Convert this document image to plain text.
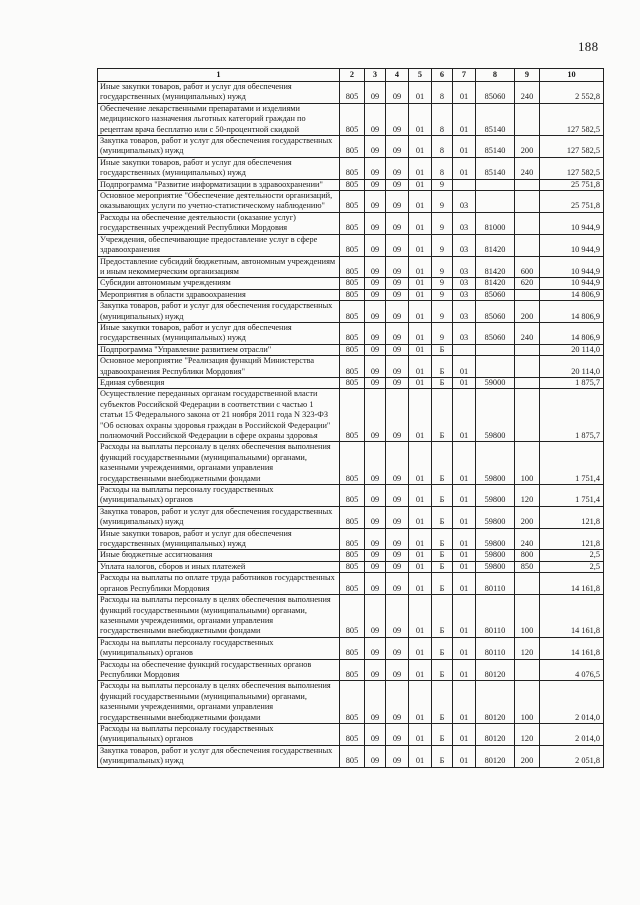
188
1	2	3	4	5	6	7	8	9	10
Иные закупки товаров, работ и услуг для обеспечения государственных (муниципальных) нужд	805	09	09	01	8	01	85060	240	2 552,8
Обеспечение лекарственными препаратами и изделиями медицинского назначения льготных категорий граждан по рецептам врача бесплатно или с 50-процентной скидкой	805	09	09	01	8	01	85140		127 582,5
Закупка товаров, работ и услуг для обеспечения государственных (муниципальных) нужд	805	09	09	01	8	01	85140	200	127 582,5
Иные закупки товаров, работ и услуг для обеспечения государственных (муниципальных) нужд	805	09	09	01	8	01	85140	240	127 582,5
Подпрограмма "Развитие информатизации в здравоохранении"	805	09	09	01	9				25 751,8
Основное мероприятие "Обеспечение деятельности организаций, оказывающих услуги по учетно-статистическому наблюдению"	805	09	09	01	9	03			25 751,8
Расходы на обеспечение деятельности (оказание услуг) государственных учреждений Республики Мордовия	805	09	09	01	9	03	81000		10 944,9
Учреждения, обеспечивающие предоставление услуг в сфере здравоохранения	805	09	09	01	9	03	81420		10 944,9
Предоставление субсидий бюджетным, автономным учреждениям и иным некоммерческим организациям	805	09	09	01	9	03	81420	600	10 944,9
Субсидии автономным учреждениям	805	09	09	01	9	03	81420	620	10 944,9
Мероприятия в области здравоохранения	805	09	09	01	9	03	85060		14 806,9
Закупка товаров, работ и услуг для обеспечения государственных (муниципальных) нужд	805	09	09	01	9	03	85060	200	14 806,9
Иные закупки товаров, работ и услуг для обеспечения государственных (муниципальных) нужд	805	09	09	01	9	03	85060	240	14 806,9
Подпрограмма "Управление развитием отрасли"	805	09	09	01	Б				20 114,0
Основное мероприятие "Реализация функций Министерства здравоохранения Республики Мордовия"	805	09	09	01	Б	01			20 114,0
Единая субвенция	805	09	09	01	Б	01	59000		1 875,7
Осуществление переданных органам государственной власти субъектов Российской Федерации в соответствии с частью 1 статьи 15 Федерального закона от 21 ноября 2011 года N 323-ФЗ "Об основах охраны здоровья граждан в Российской Федерации" полномочий Российской Федерации в сфере охраны здоровья	805	09	09	01	Б	01	59800		1 875,7
Расходы на выплаты персоналу в целях обеспечения выполнения функций государственными (муниципальными) органами, казенными учреждениями, органами управления государственными внебюджетными фондами	805	09	09	01	Б	01	59800	100	1 751,4
Расходы на выплаты персоналу государственных (муниципальных) органов	805	09	09	01	Б	01	59800	120	1 751,4
Закупка товаров, работ и услуг для обеспечения государственных (муниципальных) нужд	805	09	09	01	Б	01	59800	200	121,8
Иные закупки товаров, работ и услуг для обеспечения государственных (муниципальных) нужд	805	09	09	01	Б	01	59800	240	121,8
Иные бюджетные ассигнования	805	09	09	01	Б	01	59800	800	2,5
Уплата налогов, сборов и иных платежей	805	09	09	01	Б	01	59800	850	2,5
Расходы на выплаты по оплате труда работников государственных органов Республики Мордовия	805	09	09	01	Б	01	80110		14 161,8
Расходы на выплаты персоналу в целях обеспечения выполнения функций государственными (муниципальными) органами, казенными учреждениями, органами управления государственными внебюджетными фондами	805	09	09	01	Б	01	80110	100	14 161,8
Расходы на выплаты персоналу государственных (муниципальных) органов	805	09	09	01	Б	01	80110	120	14 161,8
Расходы на обеспечение функций государственных органов Республики Мордовия	805	09	09	01	Б	01	80120		4 076,5
Расходы на выплаты персоналу в целях обеспечения выполнения функций государственными (муниципальными) органами, казенными учреждениями, органами управления государственными внебюджетными фондами	805	09	09	01	Б	01	80120	100	2 014,0
Расходы на выплаты персоналу государственных (муниципальных) органов	805	09	09	01	Б	01	80120	120	2 014,0
Закупка товаров, работ и услуг для обеспечения государственных (муниципальных) нужд	805	09	09	01	Б	01	80120	200	2 051,8
